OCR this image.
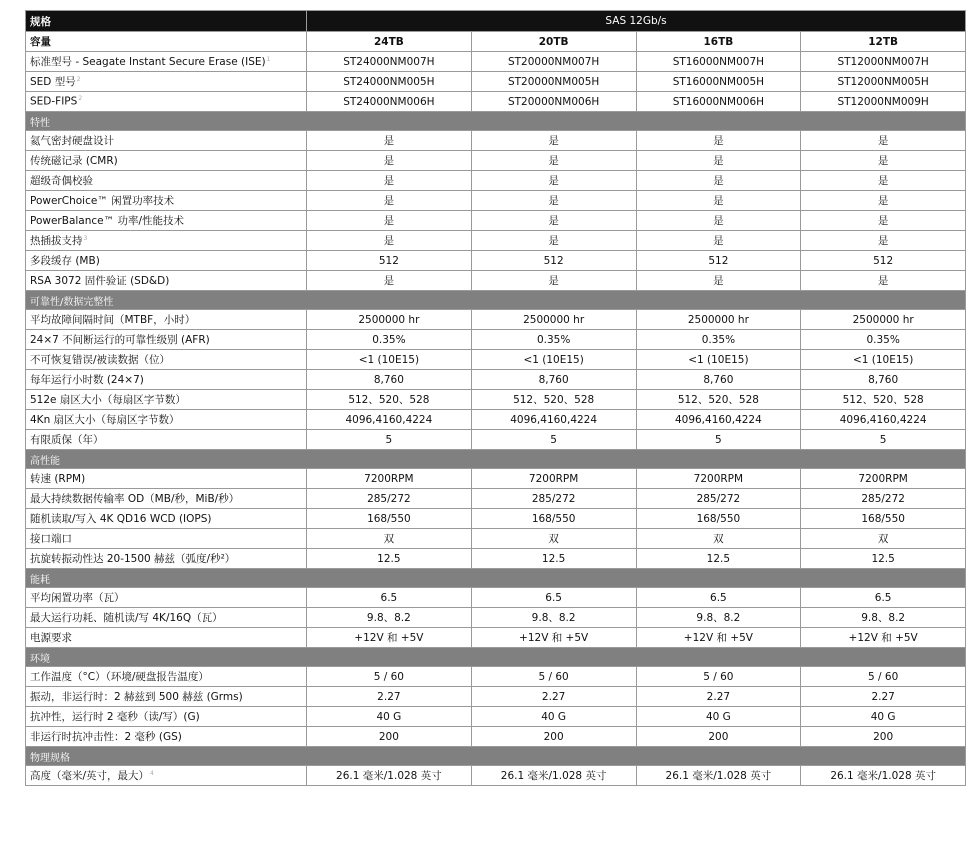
规格	SAS 12Gb/s			
容量	24TB	20TB	16TB	12TB
标准型号 - Seagate Instant Secure Erase (ISE)$^1$	ST24000NM007H	ST20000NM007H	ST16000NM007H	ST12000NM007H
SED 型号$^2$	ST24000NM005H	ST20000NM005H	ST16000NM005H	ST12000NM005H
SED-FIPS$^2$	ST24000NM006H	ST20000NM006H	ST16000NM006H	ST12000NM009H
特性				
氦气密封硬盘设计	是	是	是	是
传统磁记录 (CMR)	是	是	是	是
超级奇偶校验	是	是	是	是
PowerChoice™ 闲置功率技术	是	是	是	是
PowerBalance™ 功率/性能技术	是	是	是	是
热插拔支持$^3$	是	是	是	是
多段缓存 (MB)	512	512	512	512
RSA 3072 固件验证 (SD&D)	是	是	是	是
可靠性/数据完整性				
平均故障间隔时间（MTBF，小时）	2500000 hr	2500000 hr	2500000 hr	2500000 hr
24×7 不间断运行的可靠性级别 (AFR)	0.35%	0.35%	0.35%	0.35%
不可恢复错误/被读数据（位）	<1 (10E15)	<1 (10E15)	<1 (10E15)	<1 (10E15)
每年运行小时数 (24×7)	8,760	8,760	8,760	8,760
512e 扇区大小（每扇区字节数）	512、520、528	512、520、528	512、520、528	512、520、528
4Kn 扇区大小（每扇区字节数）	4096,4160,4224	4096,4160,4224	4096,4160,4224	4096,4160,4224
有限质保（年）	5	5	5	5
高性能				
转速 (RPM)	7200RPM	7200RPM	7200RPM	7200RPM
最大持续数据传输率 OD（MB/秒，MiB/秒）	285/272	285/272	285/272	285/272
随机读取/写入 4K QD16 WCD (IOPS)	168/550	168/550	168/550	168/550
接口端口	双	双	双	双
抗旋转振动性达 20-1500 赫兹（弧度/秒²）	12.5	12.5	12.5	12.5
能耗				
平均闲置功率（瓦）	6.5	6.5	6.5	6.5
最大运行功耗、随机读/写 4K/16Q（瓦）	9.8、8.2	9.8、8.2	9.8、8.2	9.8、8.2
电源要求	+12V 和 +5V	+12V 和 +5V	+12V 和 +5V	+12V 和 +5V
环境				
工作温度（°C）（环境/硬盘报告温度）	5 / 60	5 / 60	5 / 60	5 / 60
振动，非运行时：2 赫兹到 500 赫兹 (Grms)	2.27	2.27	2.27	2.27
抗冲性，运行时 2 毫秒（读/写）(G)	40 G	40 G	40 G	40 G
非运行时抗冲击性：2 毫秒 (GS)	200	200	200	200
物理规格				
高度（毫米/英寸，最大）$^4$	26.1 毫米/1.028 英寸	26.1 毫米/1.028 英寸	26.1 毫米/1.028 英寸	26.1 毫米/1.028 英寸
